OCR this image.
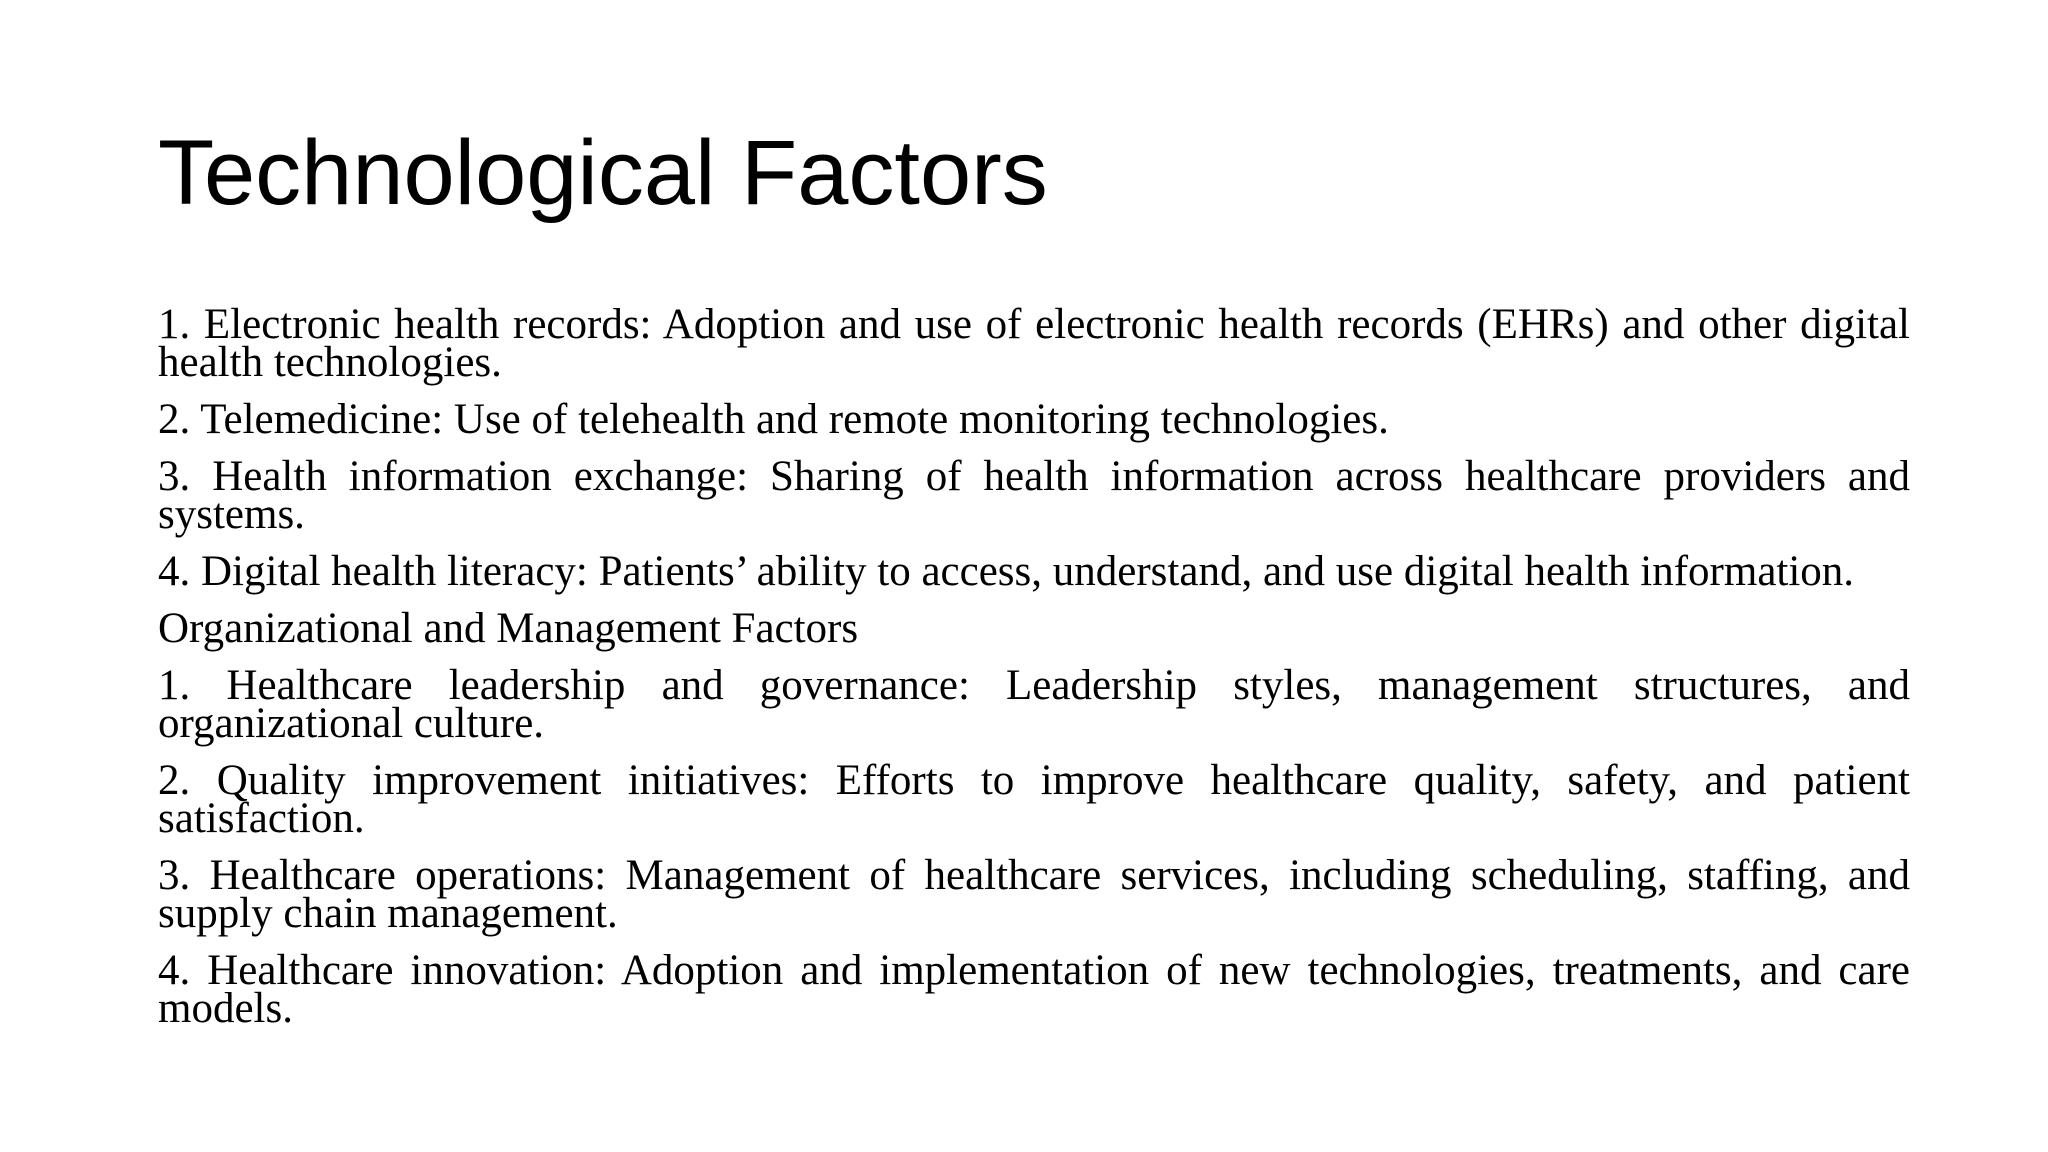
Technological Factors

1. Electronic health records: Adoption and use of electronic health records (EHRs) and other digital health technologies.

2. Telemedicine: Use of telehealth and remote monitoring technologies.

3. Health information exchange: Sharing of health information across healthcare providers and systems.

4. Digital health literacy: Patients’ ability to access, understand, and use digital health information.

Organizational and Management Factors

1. Healthcare leadership and governance: Leadership styles, management structures, and organizational culture.

2. Quality improvement initiatives: Efforts to improve healthcare quality, safety, and patient satisfaction.

3. Healthcare operations: Management of healthcare services, including scheduling, staffing, and supply chain management.

4. Healthcare innovation: Adoption and implementation of new technologies, treatments, and care models.
